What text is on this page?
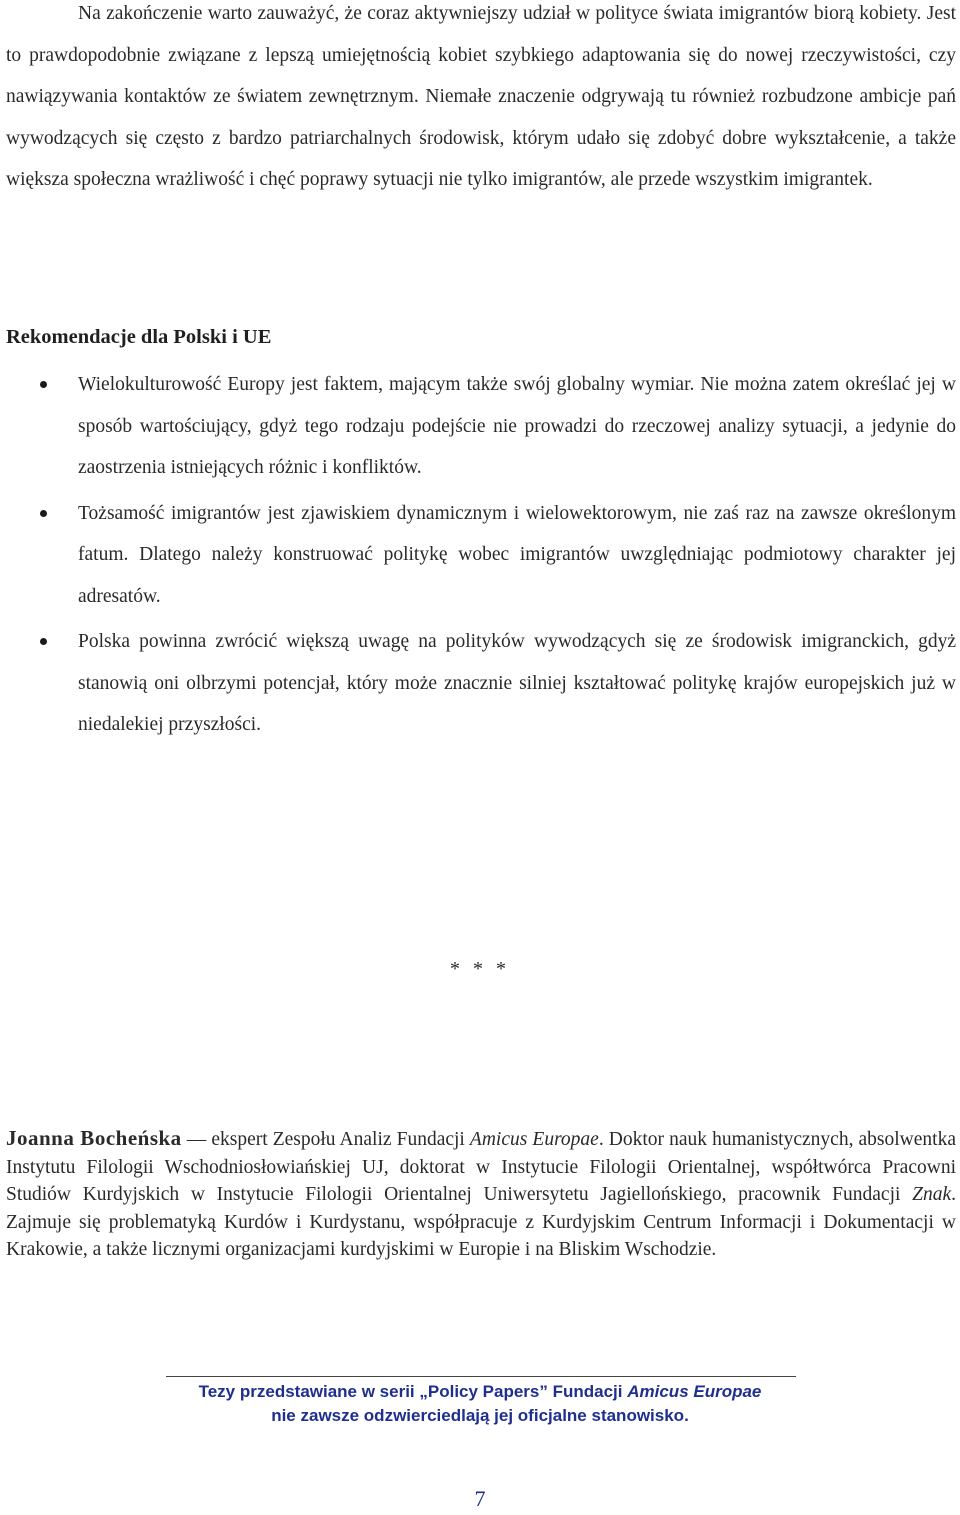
Na zakończenie warto zauważyć, że coraz aktywniejszy udział w polityce świata imigrantów biorą kobiety. Jest to prawdopodobnie związane z lepszą umiejętnością kobiet szybkiego adaptowania się do nowej rzeczywistości, czy nawiązywania kontaktów ze światem zewnętrznym. Niemałe znaczenie odgrywają tu również rozbudzone ambicje pań wywodzących się często z bardzo patriarchalnych środowisk, którym udało się zdobyć dobre wykształcenie, a także większa społeczna wrażliwość i chęć poprawy sytuacji nie tylko imigrantów, ale przede wszystkim imigrantek.

Rekomendacje dla Polski i UE
Wielokulturowość Europy jest faktem, mającym także swój globalny wymiar. Nie można zatem określać jej w sposób wartościujący, gdyż tego rodzaju podejście nie prowadzi do rzeczowej analizy sytuacji, a jedynie do zaostrzenia istniejących różnic i konfliktów.
Tożsamość imigrantów jest zjawiskiem dynamicznym i wielowektorowym, nie zaś raz na zawsze określonym fatum. Dlatego należy konstruować politykę wobec imigrantów uwzględniając podmiotowy charakter jej adresatów.
Polska powinna zwrócić większą uwagę na polityków wywodzących się ze środowisk imigranckich, gdyż stanowią oni olbrzymi potencjał, który może znacznie silniej kształtować politykę krajów europejskich już w niedalekiej przyszłości.
* * *

Joanna Bocheńska — ekspert Zespołu Analiz Fundacji Amicus Europae. Doktor nauk humanistycznych, absolwentka Instytutu Filologii Wschodniosłowiańskiej UJ, doktorat w Instytucie Filologii Orientalnej, współtwórca Pracowni Studiów Kurdyjskich w Instytucie Filologii Orientalnej Uniwersytetu Jagiellońskiego, pracownik Fundacji Znak. Zajmuje się problematyką Kurdów i Kurdystanu, współpracuje z Kurdyjskim Centrum Informacji i Dokumentacji w Krakowie, a także licznymi organizacjami kurdyjskimi w Europie i na Bliskim Wschodzie.

Tezy przedstawiane w serii „Policy Papers” Fundacji Amicus Europae
nie zawsze odzwierciedlają jej oficjalne stanowisko.

7
